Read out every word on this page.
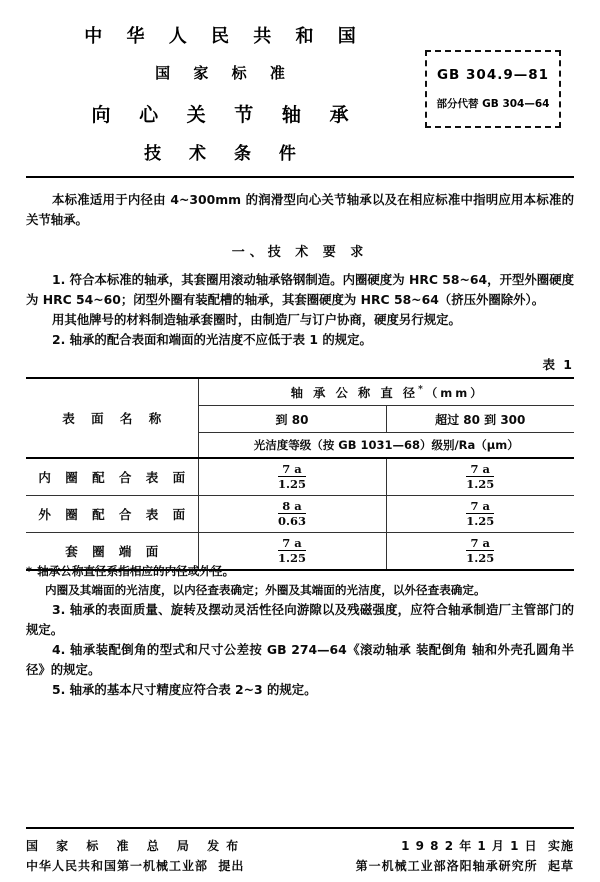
中 华 人 民 共 和 国
国 家 标 准
向 心 关 节 轴 承
技 术 条 件
GB 304.9—81
部分代替 GB 304—64

本标准适用于内径由 4~300mm 的润滑型向心关节轴承以及在相应标准中指明应用本标准的关节轴承。

一、技 术 要 求

1. 符合本标准的轴承，其套圈用滚动轴承铬钢制造。内圈硬度为 HRC 58~64，开型外圈硬度为 HRC 54~60；闭型外圈有装配槽的轴承，其套圈硬度为 HRC 58~64（挤压外圈除外）。

用其他牌号的材料制造轴承套圈时，由制造厂与订户协商，硬度另行规定。

2. 轴承的配合表面和端面的光洁度不应低于表 1 的规定。

表 1
表 面 名 称	轴 承 公 称 直 径*（mm）	
	到 80	超过 80 到 300
	光洁度等级（按 GB 1031—68）级别/Ra（μm）	
内 圈 配 合 表 面	$\frac{7 a}{1.25}$	$\frac{7 a}{1.25}$

外 圈 配 合 表 面	$\frac{8 a}{0.63}$	$\frac{7 a}{1.25}$

套 圈 端 面	$\frac{7 a}{1.25}$	$\frac{7 a}{1.25}$

* 轴承公称直径系指相应的内径或外径。

内圈及其端面的光洁度，以内径查表确定；外圈及其端面的光洁度，以外径查表确定。

3. 轴承的表面质量、旋转及摆动灵活性径向游隙以及残磁强度，应符合轴承制造厂主管部门的规定。

4. 轴承装配倒角的型式和尺寸公差按 GB 274—64《滚动轴承 装配倒角 轴和外壳孔圆角半径》的规定。

5. 轴承的基本尺寸精度应符合表 2~3 的规定。

国 家 标 准 总 局 发布	1 9 8 2 年 1 月 1 日  实施
中华人民共和国第一机械工业部  提出	第一机械工业部洛阳轴承研究所  起草
